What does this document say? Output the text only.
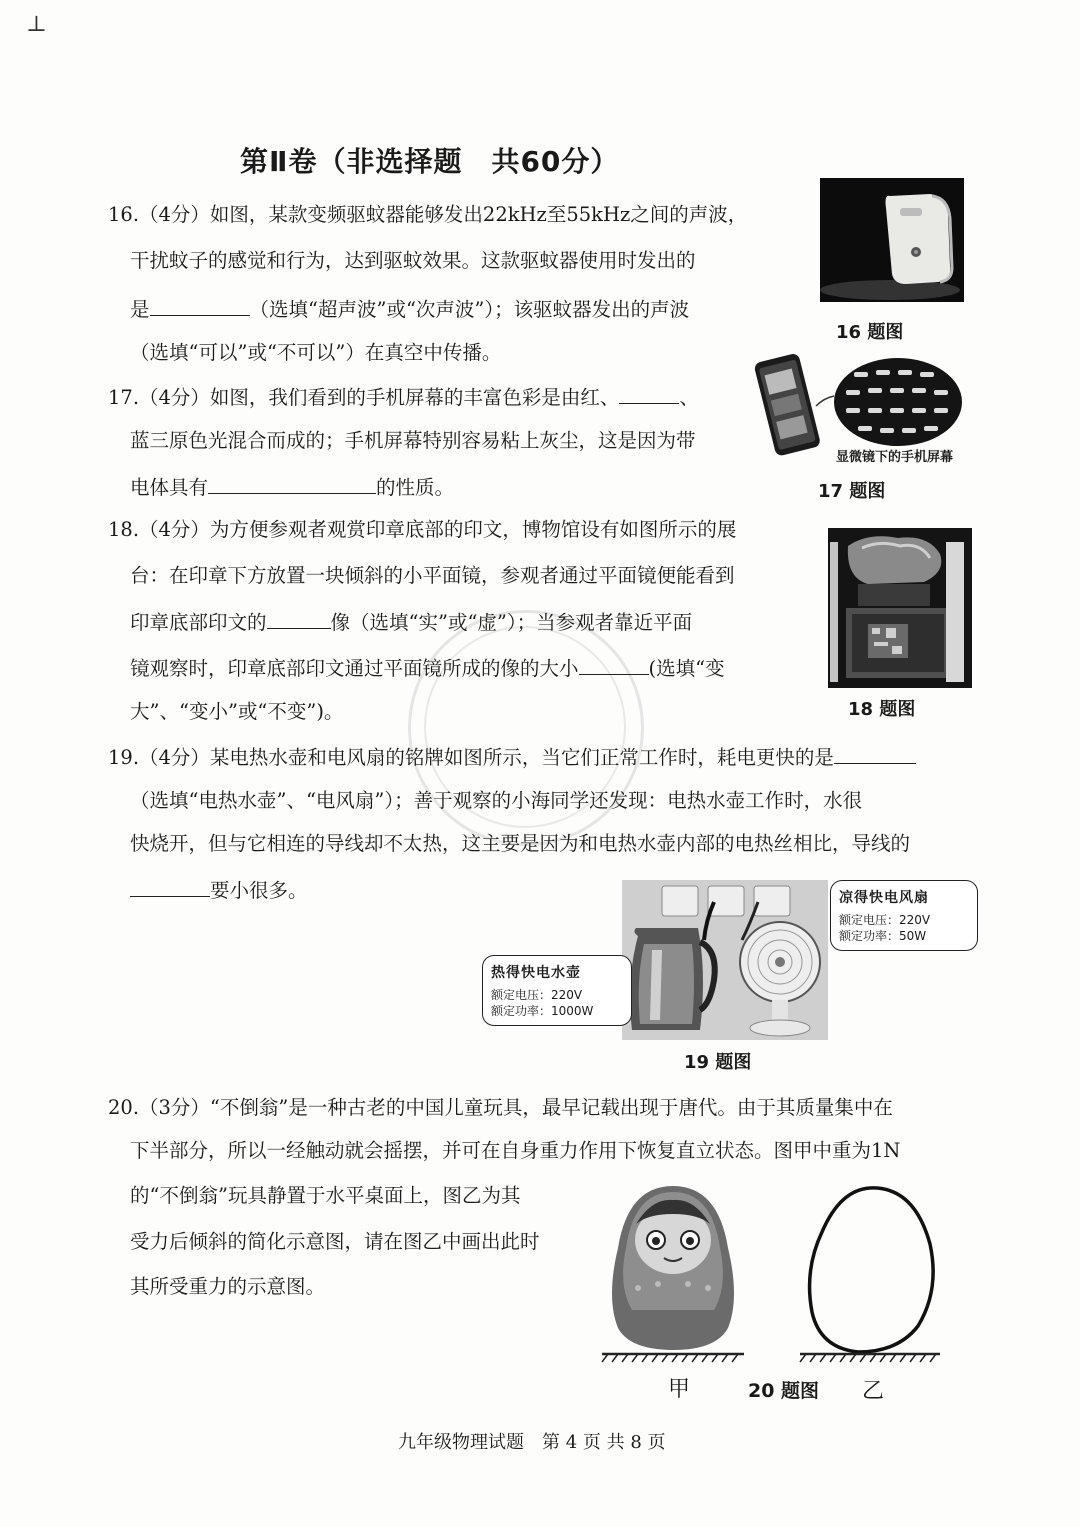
⊥
第Ⅱ卷（非选择题　共60分）
16.（4分）如图，某款变频驱蚊器能够发出22kHz至55kHz之间的声波，
干扰蚊子的感觉和行为，达到驱蚊效果。这款驱蚊器使用时发出的
是	（选填“超声波”或“次声波”）；该驱蚊器发出的声波
（选填“可以”或“不可以”）在真空中传播。
16 题图
17.（4分）如图，我们看到的手机屏幕的丰富色彩是由红、	、
蓝三原色光混合而成的；手机屏幕特别容易粘上灰尘，这是因为带
电体具有	的性质。
显微镜下的手机屏幕
17 题图
18.（4分）为方便参观者观赏印章底部的印文，博物馆设有如图所示的展
台：在印章下方放置一块倾斜的小平面镜，参观者通过平面镜便能看到
印章底部印文的	像（选填“实”或“虚”）；当参观者靠近平面
镜观察时，印章底部印文通过平面镜所成的像的大小	(选填“变
大”、“变小”或“不变”)。	18 题图
19.（4分）某电热水壶和电风扇的铭牌如图所示，当它们正常工作时，耗电更快的是
（选填“电热水壶”、“电风扇”）；善于观察的小海同学还发现：电热水壶工作时，水很
快烧开，但与它相连的导线却不太热，这主要是因为和电热水壶内部的电热丝相比，导线的
要小很多。	凉得快电风扇
额定电压：220V
额定功率：50W
热得快电水壶
额定电压：220V
额定功率：1000W
19 题图
20.（3分）“不倒翁”是一种古老的中国儿童玩具，最早记载出现于唐代。由于其质量集中在
下半部分，所以一经触动就会摇摆，并可在自身重力作用下恢复直立状态。图甲中重为1N
的“不倒翁”玩具静置于水平桌面上，图乙为其
受力后倾斜的简化示意图，请在图乙中画出此时
其所受重力的示意图。
甲	20 题图 乙
九年级物理试题　第 4 页 共 8 页
